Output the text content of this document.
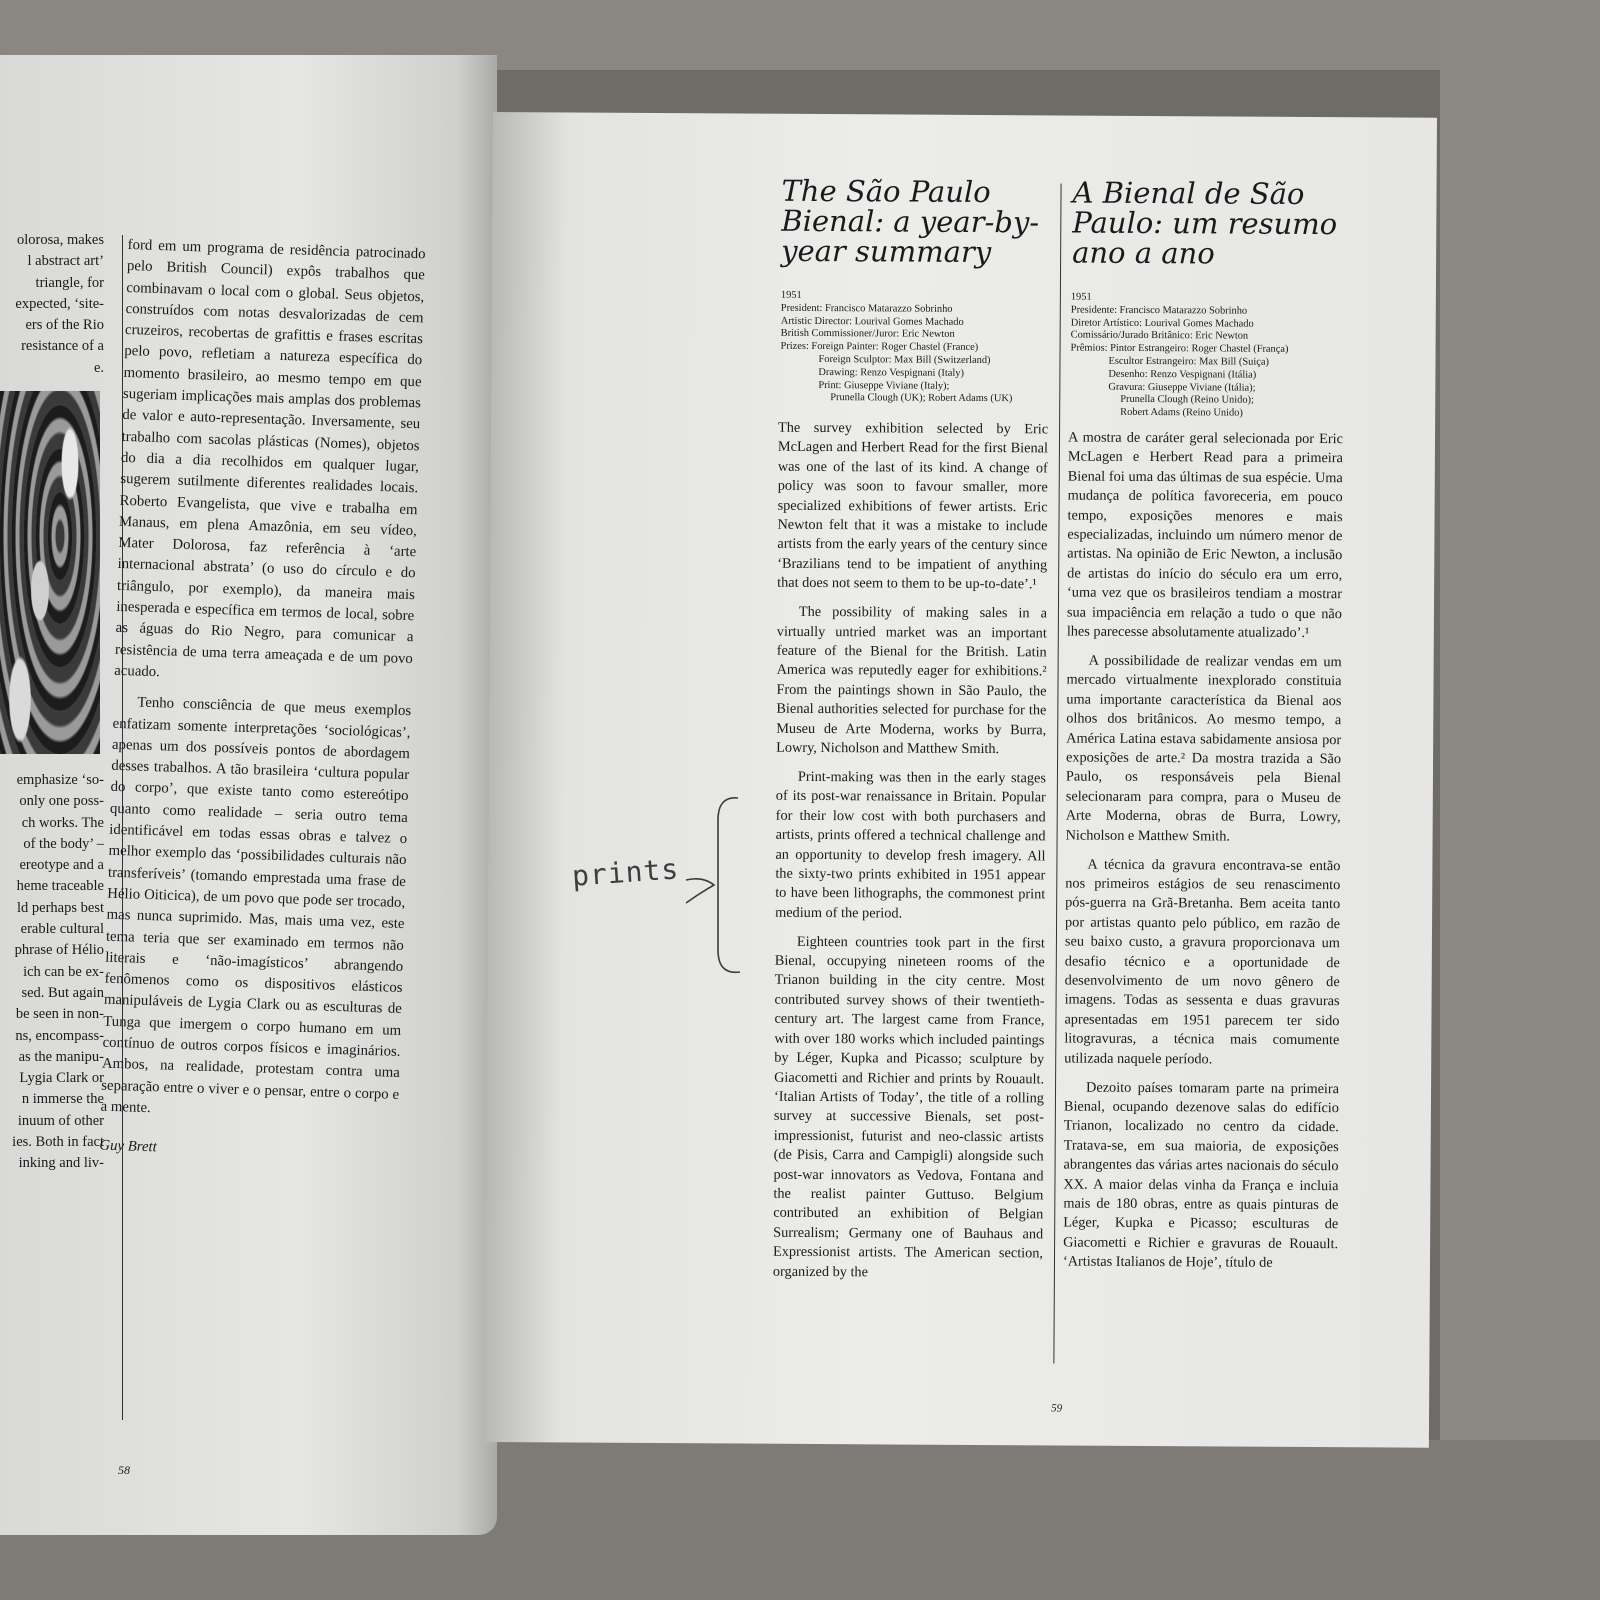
olorosa, makes

l abstract art’

triangle, for

expected, ‘site-

ers of the Rio

resistance of a

e.

emphasize ‘so-

only one poss-

ch works. The

of the body’ –

ereotype and a

heme traceable

ld perhaps best

erable cultural

phrase of Hélio

ich can be ex-

sed. But again

be seen in non-

ns, encompass-

as the manipu-

Lygia Clark or

n immerse the

inuum of other

ies. Both in fact

inking and liv-

ford em um programa de residência patrocinado pelo British Council) expôs trabalhos que combinavam o local com o global. Seus objetos, construídos com notas desvalorizadas de cem cruzeiros, recobertas de grafittis e frases escritas pelo povo, refletiam a natureza específica do momento brasileiro, ao mesmo tempo em que sugeriam implicações mais amplas dos problemas de valor e auto-representação. Inversamente, seu trabalho com sacolas plásticas (Nomes), objetos do dia a dia recolhidos em qualquer lugar, sugerem sutilmente diferentes realidades locais. Roberto Evangelista, que vive e trabalha em Manaus, em plena Amazônia, em seu vídeo, Mater Dolorosa, faz referência à ‘arte internacional abstrata’ (o uso do círculo e do triângulo, por exemplo), da maneira mais inesperada e específica em termos de local, sobre as águas do Rio Negro, para comunicar a resistência de uma terra ameaçada e de um povo acuado.

Tenho consciência de que meus exemplos enfatizam somente interpretações ‘sociológicas’, apenas um dos possíveis pontos de abordagem desses trabalhos. A tão brasileira ‘cultura popular do corpo’, que existe tanto como estereótipo quanto como realidade – seria outro tema identificável em todas essas obras e talvez o melhor exemplo das ‘possibilidades culturais não transferíveis’ (tomando emprestada uma frase de Hélio Oiticica), de um povo que pode ser trocado, mas nunca suprimido. Mas, mais uma vez, este tema teria que ser examinado em termos não literais e ‘não-imagísticos’ abrangendo fenômenos como os dispositivos elásticos manipuláveis de Lygia Clark ou as esculturas de Tunga que imergem o corpo humano em um contínuo de outros corpos físicos e imaginários. Ambos, na realidade, protestam contra uma separação entre o viver e o pensar, entre o corpo e a mente.

Guy Brett

58
The São Paulo Bienal: a year-by-year summary
A Bienal de São Paulo: um resumo ano a ano
1951
President: Francisco Matarazzo Sobrinho
Artistic Director: Lourival Gomes Machado
British Commissioner/Juror: Eric Newton
Prizes: Foreign Painter: Roger Chastel (France)
Foreign Sculptor: Max Bill (Switzerland)
Drawing: Renzo Vespignani (Italy)
Print: Giuseppe Viviane (Italy);
Prunella Clough (UK); Robert Adams (UK)
1951
Presidente: Francisco Matarazzo Sobrinho
Diretor Artístico: Lourival Gomes Machado
Comissário/Jurado Britânico: Eric Newton
Prêmios: Pintor Estrangeiro: Roger Chastel (França)
Escultor Estrangeiro: Max Bill (Suiça)
Desenho: Renzo Vespignani (Itália)
Gravura: Giuseppe Viviane (Itália);
Prunella Clough (Reino Unido);
Robert Adams (Reino Unido)

The survey exhibition selected by Eric McLagen and Herbert Read for the first Bienal was one of the last of its kind. A change of policy was soon to favour smaller, more specialized exhibitions of fewer artists. Eric Newton felt that it was a mistake to include artists from the early years of the century since ‘Brazilians tend to be impatient of anything that does not seem to them to be up-to-date’.¹

The possibility of making sales in a virtually untried market was an important feature of the Bienal for the British. Latin America was reputedly eager for exhibitions.² From the paintings shown in São Paulo, the Bienal authorities selected for purchase for the Museu de Arte Moderna, works by Burra, Lowry, Nicholson and Matthew Smith.

Print-making was then in the early stages of its post-war renaissance in Britain. Popular for their low cost with both purchasers and artists, prints offered a technical challenge and an opportunity to develop fresh imagery. All the sixty-two prints exhibited in 1951 appear to have been lithographs, the commonest print medium of the period.

Eighteen countries took part in the first Bienal, occupying nineteen rooms of the Trianon building in the city centre. Most contributed survey shows of their twentieth-century art. The largest came from France, with over 180 works which included paintings by Léger, Kupka and Picasso; sculpture by Giacometti and Richier and prints by Rouault. ‘Italian Artists of Today’, the title of a rolling survey at successive Bienals, set post-impressionist, futurist and neo-classic artists (de Pisis, Carra and Campigli) alongside such post-war innovators as Vedova, Fontana and the realist painter Guttuso. Belgium contributed an exhibition of Belgian Surrealism; Germany one of Bauhaus and Expressionist artists. The American section, organized by the

A mostra de caráter geral selecionada por Eric McLagen e Herbert Read para a primeira Bienal foi uma das últimas de sua espécie. Uma mudança de política favoreceria, em pouco tempo, exposições menores e mais especializadas, incluindo um número menor de artistas. Na opinião de Eric Newton, a inclusão de artistas do início do século era um erro, ‘uma vez que os brasileiros tendiam a mostrar sua impaciência em relação a tudo o que não lhes parecesse absolutamente atualizado’.¹

A possibilidade de realizar vendas em um mercado virtualmente inexplorado constituia uma importante característica da Bienal aos olhos dos britânicos. Ao mesmo tempo, a América Latina estava sabidamente ansiosa por exposições de arte.² Da mostra trazida a São Paulo, os responsáveis pela Bienal selecionaram para compra, para o Museu de Arte Moderna, obras de Burra, Lowry, Nicholson e Matthew Smith.

A técnica da gravura encontrava-se então nos primeiros estágios de seu renascimento pós-guerra na Grã-Bretanha. Bem aceita tanto por artistas quanto pelo público, em razão de seu baixo custo, a gravura proporcionava um desafio técnico e a oportunidade de desenvolvimento de um novo gênero de imagens. Todas as sessenta e duas gravuras apresentadas em 1951 parecem ter sido litogravuras, a técnica mais comumente utilizada naquele período.

Dezoito países tomaram parte na primeira Bienal, ocupando dezenove salas do edifício Trianon, localizado no centro da cidade. Tratava-se, em sua maioria, de exposições abrangentes das várias artes nacionais do século XX. A maior delas vinha da França e incluia mais de 180 obras, entre as quais pinturas de Léger, Kupka e Picasso; esculturas de Giacometti e Richier e gravuras de Rouault. ‘Artistas Italianos de Hoje’, título de

59
prints
